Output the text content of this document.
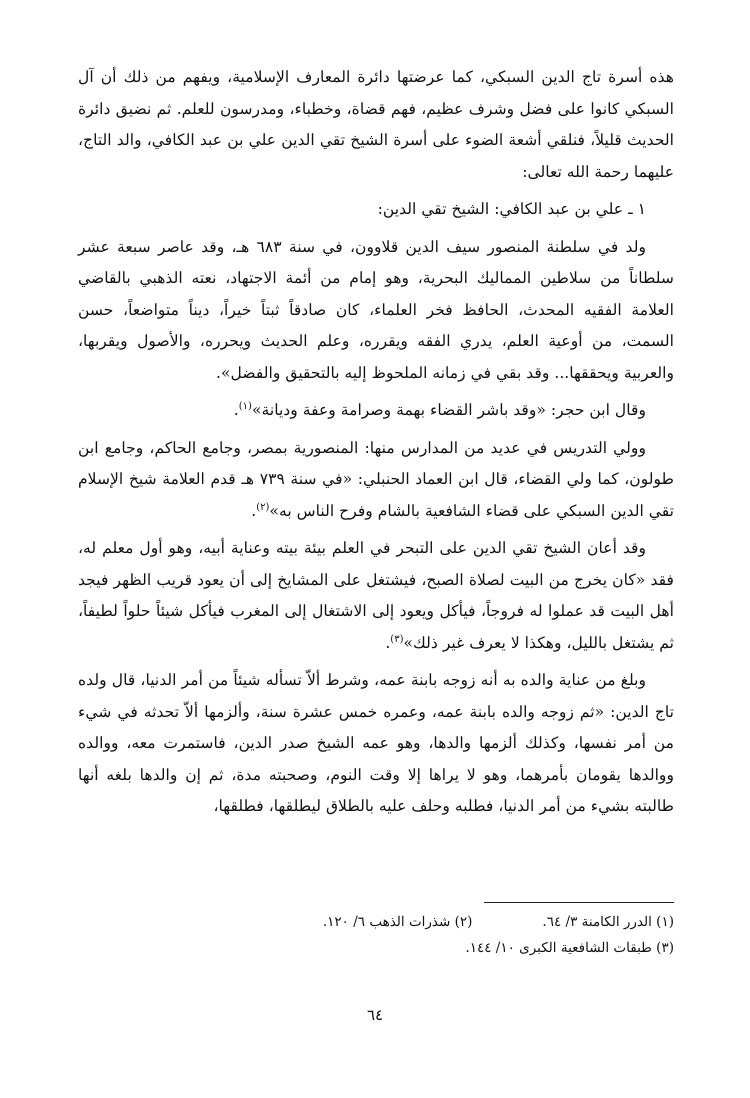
هذه أسرة تاج الدين السبكي، كما عرضتها دائرة المعارف الإسلامية، ويفهم من ذلك أن آل السبكي كانوا على فضل وشرف عظيم، فهم قضاة، وخطباء، ومدرسون للعلم. ثم نضيق دائرة الحديث قليلاً، فنلقي أشعة الضوء على أسرة الشيخ تقي الدين علي بن عبد الكافي، والد التاج، عليهما رحمة الله تعالى:

١ ـ علي بن عبد الكافي: الشيخ تقي الدين:

ولد في سلطنة المنصور سيف الدين قلاوون، في سنة ٦٨٣ هـ، وقد عاصر سبعة عشر سلطاناً من سلاطين المماليك البحرية، وهو إمام من أئمة الاجتهاد، نعته الذهبي بالقاضي العلامة الفقيه المحدث، الحافظ فخر العلماء، كان صادقاً ثبتاً خيراً، ديناً متواضعاً، حسن السمت، من أوعية العلم، يدري الفقه ويقرره، وعلم الحديث ويحرره، والأصول ويقربها، والعربية ويحققها... وقد بقي في زمانه الملحوظ إليه بالتحقيق والفضل».

وقال ابن حجر: «وقد باشر القضاء بهمة وصرامة وعفة وديانة»$^{(١)}$.

وولي التدريس في عديد من المدارس منها: المنصورية بمصر، وجامع الحاكم، وجامع ابن طولون، كما ولي القضاء، قال ابن العماد الحنبلي: «في سنة ٧٣٩ هـ قدم العلامة شيخ الإسلام تقي الدين السبكي على قضاء الشافعية بالشام وفرح الناس به»$^{(٢)}$.

وقد أعان الشيخ تقي الدين على التبحر في العلم بيئة بيته وعناية أبيه، وهو أول معلم له، فقد «كان يخرج من البيت لصلاة الصبح، فيشتغل على المشايخ إلى أن يعود قريب الظهر فيجد أهل البيت قد عملوا له فروجاً، فيأكل ويعود إلى الاشتغال إلى المغرب فيأكل شيئاً حلواً لطيفاً، ثم يشتغل بالليل، وهكذا لا يعرف غير ذلك»$^{(٣)}$.

وبلغ من عناية والده به أنه زوجه بابنة عمه، وشرط ألاّ تسأله شيئاً من أمر الدنيا، قال ولده تاج الدين: «ثم زوجه والده بابنة عمه، وعمره خمس عشرة سنة، وألزمها ألاّ تحدثه في شيء من أمر نفسها، وكذلك ألزمها والدها، وهو عمه الشيخ صدر الدين، فاستمرت معه، ووالده ووالدها يقومان بأمرهما، وهو لا يراها إلا وقت النوم، وصحبته مدة، ثم إن والدها بلغه أنها طالبته بشيء من أمر الدنيا، فطلبه وحلف عليه بالطلاق ليطلقها، فطلقها،

(١) الدرر الكامنة ٣/ ٦٤.
(٢) شذرات الذهب ٦/ ١٢٠.
(٣) طبقات الشافعية الكبرى ١٠/ ١٤٤.
٦٤
